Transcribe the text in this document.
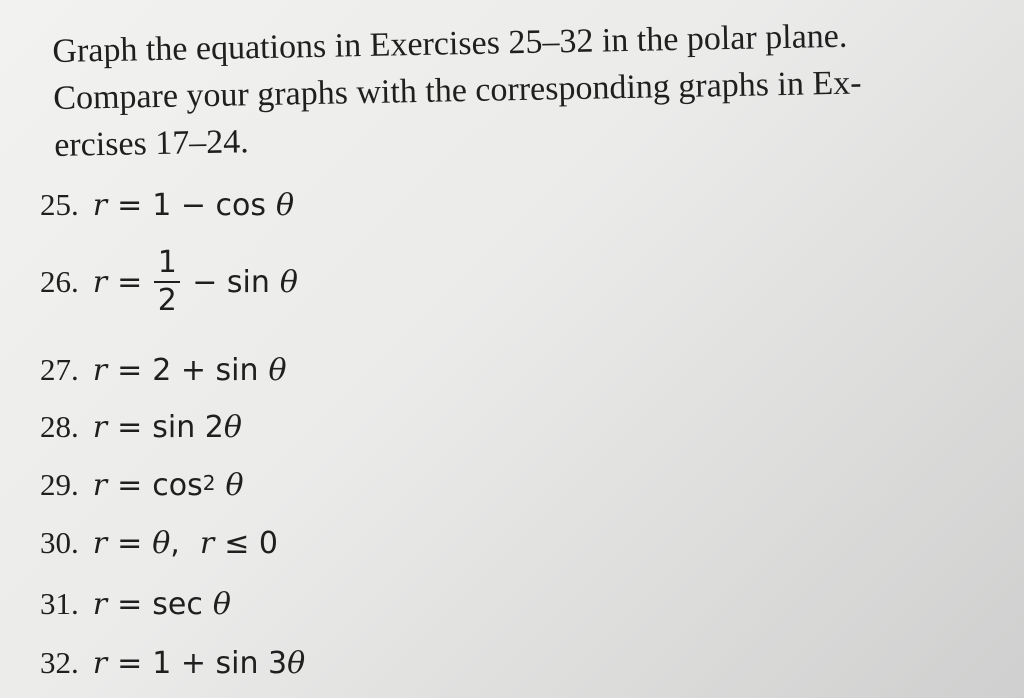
Graph the equations in Exercises 25–32 in the polar plane.
Compare your graphs with the corresponding graphs in Ex-
ercises 17–24.
25. r = 1 − cos θ
26. $r = \frac{1}{2} - \sin \theta$
27. r = 2 + sin θ
28. r = sin 2 θ
29. $r = \cos^2 \theta$
30. r = θ , r ≤ 0
31. r = sec θ
32. r = 1 + sin 3 θ
